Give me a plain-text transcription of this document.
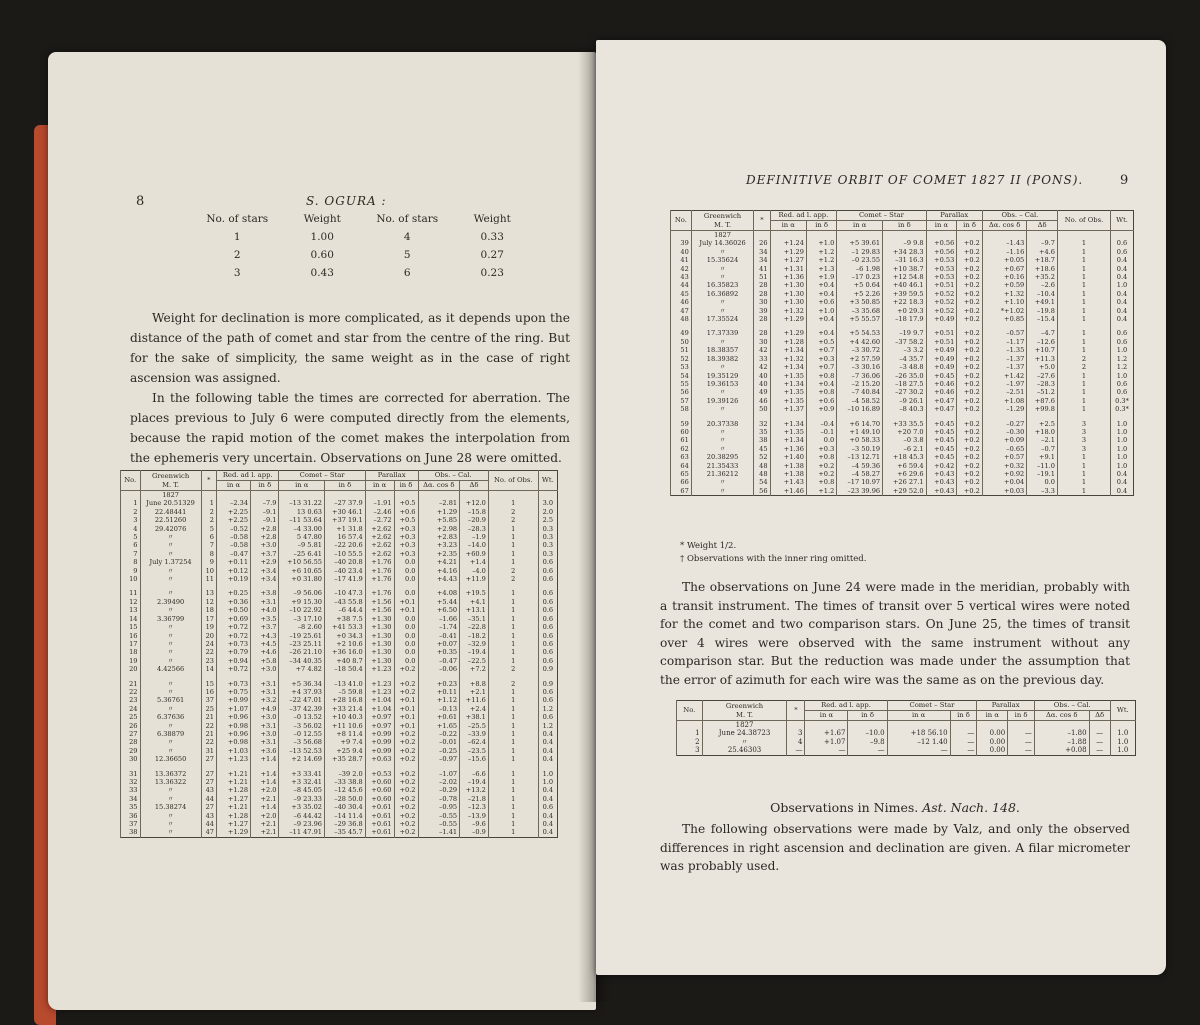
8	S. OGURA :
No. of stars	Weight	No. of stars	Weight
1	1.00	4	0.33
2	0.60	5	0.27
3	0.43	6	0.23

Weight for declination is more complicated, as it depends upon the distance of the path of comet and star from the centre of the ring. But for the sake of simplicity, the same weight as in the case of right ascension was assigned.

In the following table the times are corrected for aberration. The places previous to July 6 were computed directly from the elements, because the rapid motion of the comet makes the interpolation from the ephemeris very uncertain. Observations on June 28 were omitted.

No.	Greenwich
M. T.	*	Red. ad l. app.		Comet – Star		Parallax		Obs. – Cal.		No. of Obs.	Wt.
			in α	in δ	in α	in δ	in α	in δ	Δα. cos δ	Δδ		
	1827											
1	June 20.51329	1	–2.34	–7.9	–13 31.22	–27 37.9	–1.91	+0.5	–2.81	+12.0	1	3.0
2	22.48441	2	+2.25	–9.1	13 0.63	+30 46.1	–2.46	+0.6	+1.29	–15.8	2	2.0
3	22.51260	2	+2.25	–9.1	–11 53.64	+37 19.1	–2.72	+0.5	+5.85	–20.9	2	2.5
4	29.42076	5	–0.52	+2.8	–4 33.00	+1 31.8	+2.62	+0.3	+2.98	–28.3	1	0.3
5	〃	6	–0.58	+2.8	5 47.80	16 57.4	+2.62	+0.3	+2.83	–1.9	1	0.3
6	〃	7	–0.58	+3.0	–9 5.81	–22 20.6	+2.62	+0.3	+3.23	–14.0	1	0.3
7	〃	8	–0.47	+3.7	–25 6.41	–10 55.5	+2.62	+0.3	+2.35	+60.9	1	0.3
8	July 1.37254	9	+0.11	+2.9	+10 56.55	–40 20.8	+1.76	0.0	+4.21	+1.4	1	0.6
9	〃	10	+0.12	+3.4	+6 10.65	–40 23.4	+1.76	0.0	+4.16	–4.0	2	0.6
10	〃	11	+0.19	+3.4	+0 31.80	–17 41.9	+1.76	0.0	+4.43	+11.9	2	0.6

11	〃	13	+0.25	+3.8	–9 56.06	–10 47.3	+1.76	0.0	+4.08	+19.5	1	0.6
12	2.39490	12	+0.36	+3.1	+9 15.30	–43 55.8	+1.56	+0.1	+5.44	+4.1	1	0.6
13	〃	18	+0.50	+4.0	–10 22.92	–6 44.4	+1.56	+0.1	+6.50	+13.1	1	0.6
14	3.36799	17	+0.69	+3.5	–3 17.10	+38 7.5	+1.30	0.0	–1.66	–35.1	1	0.6
15	〃	19	+0.72	+3.7	–8 2.60	+41 53.3	+1.30	0.0	–1.74	–22.8	1	0.6
16	〃	20	+0.72	+4.3	–19 25.61	+0 34.3	+1.30	0.0	–0.41	–18.2	1	0.6
17	〃	24	+0.73	+4.5	–23 25.11	+2 10.6	+1.30	0.0	+0.07	–32.9	1	0.6
18	〃	22	+0.79	+4.6	–26 21.10	+36 16.0	+1.30	0.0	+0.35	–19.4	1	0.6
19	〃	23	+0.94	+5.8	–34 40.35	+40 8.7	+1.30	0.0	–0.47	–22.5	1	0.6
20	4.42566	14	+0.72	+3.0	+7 4.82	–18 50.4	+1.23	+0.2	–0.06	+7.2	2	0.9

21	〃	15	+0.73	+3.1	+5 36.34	–13 41.0	+1.23	+0.2	+0.23	+8.8	2	0.9
22	〃	16	+0.75	+3.1	+4 37.93	–5 59.8	+1.23	+0.2	+0.11	+2.1	1	0.6
23	5.36761	37	+0.99	+3.2	–22 47.01	+28 16.8	+1.04	+0.1	+1.12	+11.6	1	0.6
24	〃	25	+1.07	+4.9	–37 42.39	+33 21.4	+1.04	+0.1	–0.13	+2.4	1	1.2
25	6.37636	21	+0.96	+3.0	–0 13.52	+10 40.3	+0.97	+0.1	+0.61	+38.1	1	0.6
26	〃	22	+0.98	+3.1	–3 56.02	+11 10.6	+0.97	+0.1	+1.65	–25.5	1	1.2
27	6.38879	21	+0.96	+3.0	–0 12.55	+8 11.4	+0.99	+0.2	–0.22	–33.9	1	0.4
28	〃	22	+0.98	+3.1	–3 56.68	+9 7.4	+0.99	+0.2	–0.01	–62.4	1	0.4
29	〃	31	+1.03	+3.6	–13 52.53	+25 9.4	+0.99	+0.2	–0.25	–23.5	1	0.4
30	12.36650	27	+1.23	+1.4	+2 14.69	+35 28.7	+0.63	+0.2	–0.97	–15.6	1	0.4

31	13.36372	27	+1.21	+1.4	+3 33.41	–39 2.0	+0.53	+0.2	–1.07	–6.6	1	1.0
32	13.36322	27	+1.21	+1.4	+3 32.41	–33 38.8	+0.60	+0.2	–2.02	–19.4	1	1.0
33	〃	43	+1.28	+2.0	–8 45.05	–12 45.6	+0.60	+0.2	–0.29	+13.2	1	0.4
34	〃	44	+1.27	+2.1	–9 23.33	–28 50.0	+0.60	+0.2	–0.78	–21.8	1	0.4
35	15.38274	27	+1.21	+1.4	+3 35.02	–40 30.4	+0.61	+0.2	–0.95	–12.3	1	0.6
36	〃	43	+1.28	+2.0	–6 44.42	–14 11.4	+0.61	+0.2	–0.55	–13.9	1	0.4
37	〃	44	+1.27	+2.1	–9 23.96	–29 36.8	+0.61	+0.2	–0.55	–9.6	1	0.4
38	〃	47	+1.29	+2.1	–11 47.91	–35 45.7	+0.61	+0.2	–1.41	–0.9	1	0.4
DEFINITIVE ORBIT OF COMET 1827 II (PONS).	9
No.	Greenwich
M. T.	*	Red. ad l. app.		Comet – Star		Parallax		Obs. – Cal.		No. of Obs.	Wt.
			in α	in δ	in α	in δ	in α	in δ	Δα. cos δ	Δδ		
	1827											
39	July 14.36026	26	+1.24	+1.0	+5 39.61	–9 9.8	+0.56	+0.2	–1.43	–9.7	1	0.6
40	〃	34	+1.29	+1.2	–1 29.83	+34 28.3	+0.56	+0.2	–1.16	+4.6	1	0.6
41	15.35624	34	+1.27	+1.2	–0 23.55	–31 16.3	+0.53	+0.2	+0.05	+18.7	1	0.4
42	〃	41	+1.31	+1.3	–6 1.98	+10 38.7	+0.53	+0.2	+0.67	+18.6	1	0.4
43	〃	51	+1.36	+1.9	–17 0.23	+12 54.8	+0.53	+0.2	+0.16	+35.2	1	0.4
44	16.35823	28	+1.30	+0.4	+5 0.64	+40 46.1	+0.51	+0.2	+0.59	–2.6	1	1.0
45	16.36892	28	+1.30	+0.4	+5 2.26	+39 59.5	+0.52	+0.2	+1.32	–10.4	1	0.4
46	〃	30	+1.30	+0.6	+3 50.85	+22 18.3	+0.52	+0.2	+1.10	+49.1	1	0.4
47	〃	39	+1.32	+1.0	–3 35.68	+0 29.3	+0.52	+0.2	*+1.02	–19.8	1	0.4
48	17.35524	28	+1.29	+0.4	+5 55.57	–18 17.9	+0.49	+0.2	+0.85	–15.4	1	0.4

49	17.37339	28	+1.29	+0.4	+5 54.53	–19 9.7	+0.51	+0.2	–0.57	–4.7	1	0.6
50	〃	30	+1.28	+0.5	+4 42.60	–37 58.2	+0.51	+0.2	–1.17	–12.6	1	0.6
51	18.38357	42	+1.34	+0.7	–3 30.72	–3 3.2	+0.49	+0.2	–1.35	+10.7	1	1.0
52	18.39382	33	+1.32	+0.3	+2 57.59	–4 35.7	+0.49	+0.2	–1.37	+11.3	2	1.2
53	〃	42	+1.34	+0.7	–3 30.16	–3 48.8	+0.49	+0.2	–1.37	+5.0	2	1.2
54	19.35129	40	+1.35	+0.8	–7 36.06	–26 35.0	+0.45	+0.2	+1.42	–27.6	1	1.0
55	19.36153	40	+1.34	+0.4	–2 15.20	–18 27.5	+0.46	+0.2	–1.97	–28.3	1	0.6
56	〃	49	+1.35	+0.8	–7 40.84	–27 30.2	+0.46	+0.2	–2.51	–51.2	1	0.6
57	19.39126	46	+1.35	+0.6	–4 58.52	–9 26.1	+0.47	+0.2	+1.08	+87.6	1	0.3*
58	〃	50	+1.37	+0.9	–10 16.89	–8 40.3	+0.47	+0.2	–1.29	+99.8	1	0.3*

59	20.37338	32	+1.34	–0.4	+6 14.70	+33 35.5	+0.45	+0.2	–0.27	+2.5	3	1.0
60	〃	35	+1.35	–0.1	+1 49.10	+20 7.0	+0.45	+0.2	–0.30	+18.0	3	1.0
61	〃	38	+1.34	0.0	+0 58.33	–0 3.8	+0.45	+0.2	+0.09	–2.1	3	1.0
62	〃	45	+1.36	+0.3	–3 50.19	–6 2.1	+0.45	+0.2	–0.65	–0.7	3	1.0
63	20.38295	52	+1.40	+0.8	–13 12.71	+18 45.3	+0.45	+0.2	+0.57	+9.1	1	1.0
64	21.35433	48	+1.38	+0.2	–4 59.36	+6 59.4	+0.42	+0.2	+0.32	–11.0	1	1.0
65	21.36212	48	+1.38	+0.2	–4 58.27	+6 29.6	+0.43	+0.2	+0.92	–19.1	1	0.4
66	〃	54	+1.43	+0.8	–17 10.97	+26 27.1	+0.43	+0.2	+0.04	0.0	1	0.4
67	〃	56	+1.46	+1.2	–23 39.96	+29 52.0	+0.43	+0.2	+0.03	–3.3	1	0.4
* Weight 1/2.
† Observations with the inner ring omitted.

The observations on June 24 were made in the meridian, probably with a transit instrument. The times of transit over 5 vertical wires were noted for the comet and two comparison stars. On June 25, the times of transit over 4 wires were observed with the same instrument without any comparison star. But the reduction was made under the assumption that the error of azimuth for each wire was the same as on the previous day.

No.	Greenwich
M. T.	*	Red. ad l. app.		Comet – Star		Parallax		Obs. – Cal.		Wt.
			in α	in δ	in α	in δ	in α	in δ	Δα. cos δ	Δδ	
	1827										
1	June 24.38723	3	+1.67	–10.0	+18 56.10	—	0.00	—	–1.80	—	1.0
2	〃	4	+1.07	–9.8	–12 1.40	—	0.00	—	–1.88	—	1.0
3	25.46303	—	—	—	—	—	0.00	—	+0.08	—	1.0
Observations in Nimes. Ast. Nach. 148.

The following observations were made by Valz, and only the observed differences in right ascension and declination are given. A filar micrometer was probably used.
